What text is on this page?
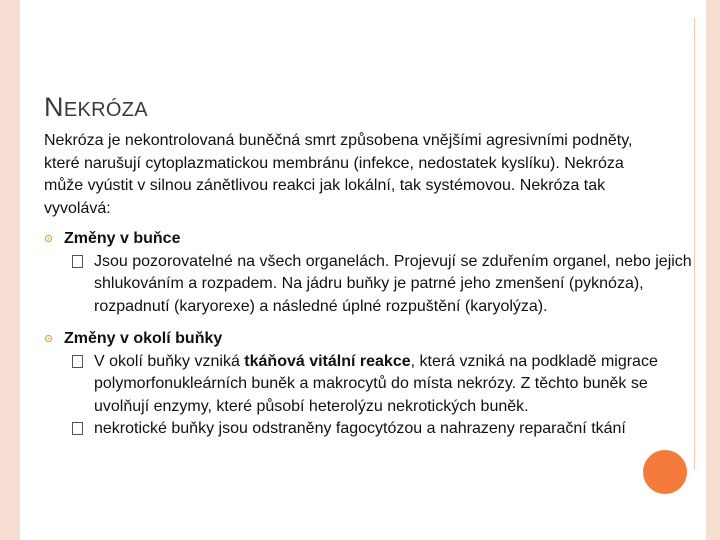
NEKRÓZA

Nekróza je nekontrolovaná buněčná smrt způsobena vnějšími agresivními podněty, které narušují cytoplazmatickou membránu (infekce, nedostatek kyslíku). Nekróza může vyústit v silnou zánětlivou reakci jak lokální, tak systémovou. Nekróza tak vyvolává:

Změny v buňce
Jsou pozorovatelné na všech organelách. Projevují se zduřením organel, nebo jejich shlukováním a rozpadem. Na jádru buňky je patrné jeho zmenšení (pyknóza), rozpadnutí (karyorexe) a následné úplné rozpuštění (karyolýza).
Změny v okolí buňky
V okolí buňky vzniká tkáňová vitální reakce, která vzniká na podkladě migrace polymorfonukleárních buněk a makrocytů do místa nekrózy. Z těchto buněk se uvolňují enzymy, které působí heterolýzu nekrotických buněk.
nekrotické buňky jsou odstraněny fagocytózou a nahrazeny reparační tkání
